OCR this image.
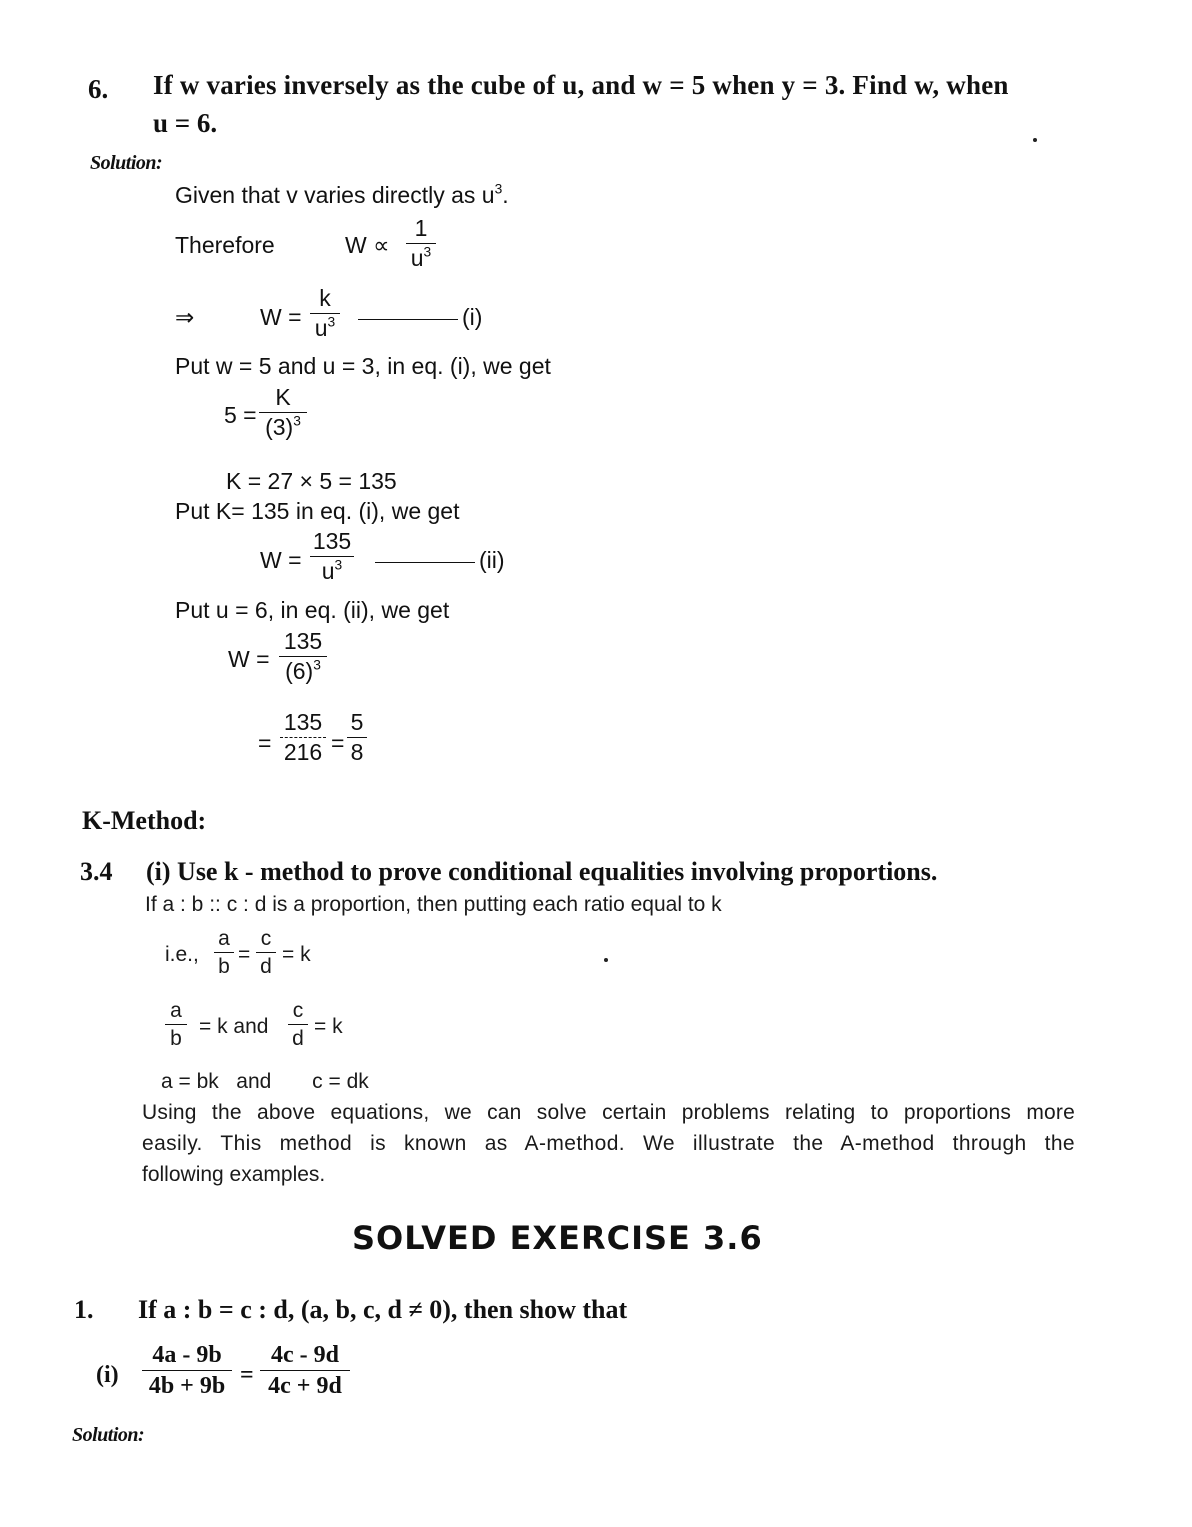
6. If w varies inversely as the cube of u, and w = 5 when y = 3. Find w, when
u = 6.
Solution:
Given that v varies directly as $u^3$.
Therefore	W ∝
1
$u^3$
⇒	W =
k
$u^3$	(i)
Put w = 5 and u = 3, in eq. (i), we get
5 =
K
$(3)^3$
K = 27 × 5 = 135
Put K= 135 in eq. (i), we get
W =
135
$u^3$	(ii)
Put u = 6, in eq. (ii), we get
W =
135
$(6)^3$
=
135
216 =
5
8
K-Method:
3.4 (i) Use k - method to prove conditional equalities involving proportions.
If a : b :: c : d is a proportion, then putting each ratio equal to k
i.e.,
a
b
=
c
d
= k
a
b
= k and
c
d
= k
a = bk   and       c = dk
Using the above equations, we can solve certain problems relating to proportions more
easily. This method is known as A-method. We illustrate the A-method through the
following examples.
SOLVED EXERCISE 3.6
1. If a : b = c : d, (a, b, c, d ≠ 0), then show that
(i)
4a - 9b
4b + 9b =
4c - 9d
4c + 9d
Solution:
